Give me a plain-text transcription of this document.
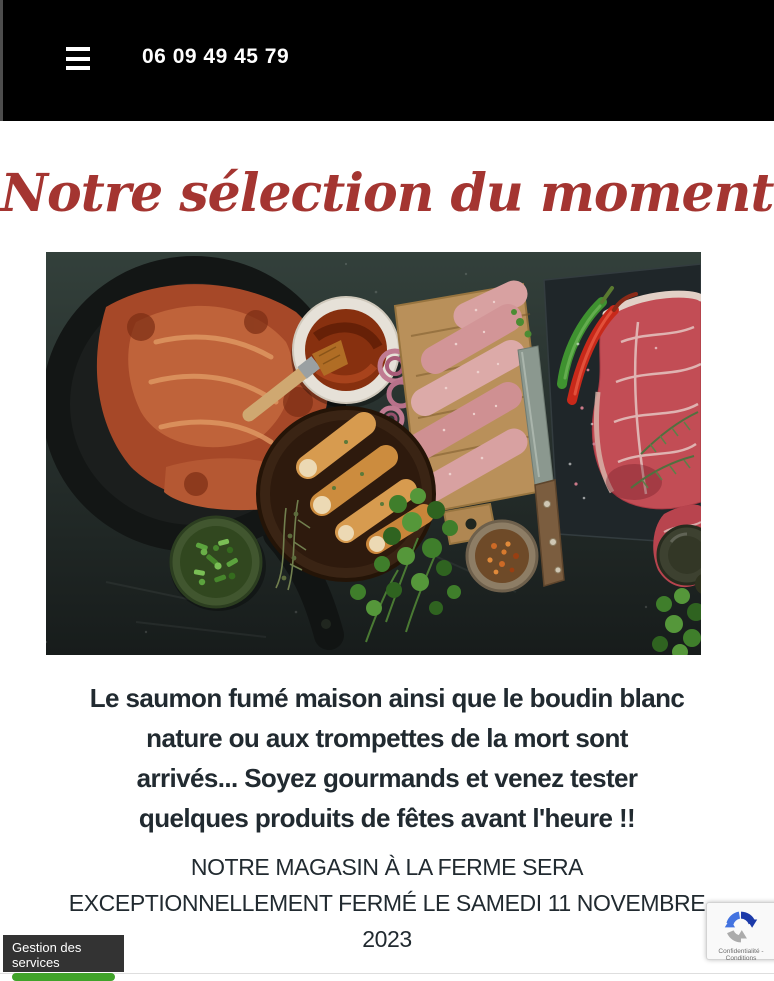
06 09 49 45 79
Notre sélection du moment
Le saumon fumé maison ainsi que le boudin blanc
nature ou aux trompettes de la mort sont
arrivés... Soyez gourmands et venez tester
quelques produits de fêtes avant l'heure !!
NOTRE MAGASIN À LA FERME SERA
EXCEPTIONNELLEMENT FERMÉ LE SAMEDI 11 NOVEMBRE
2023
Gestion des services
Confidentialité - Conditions
